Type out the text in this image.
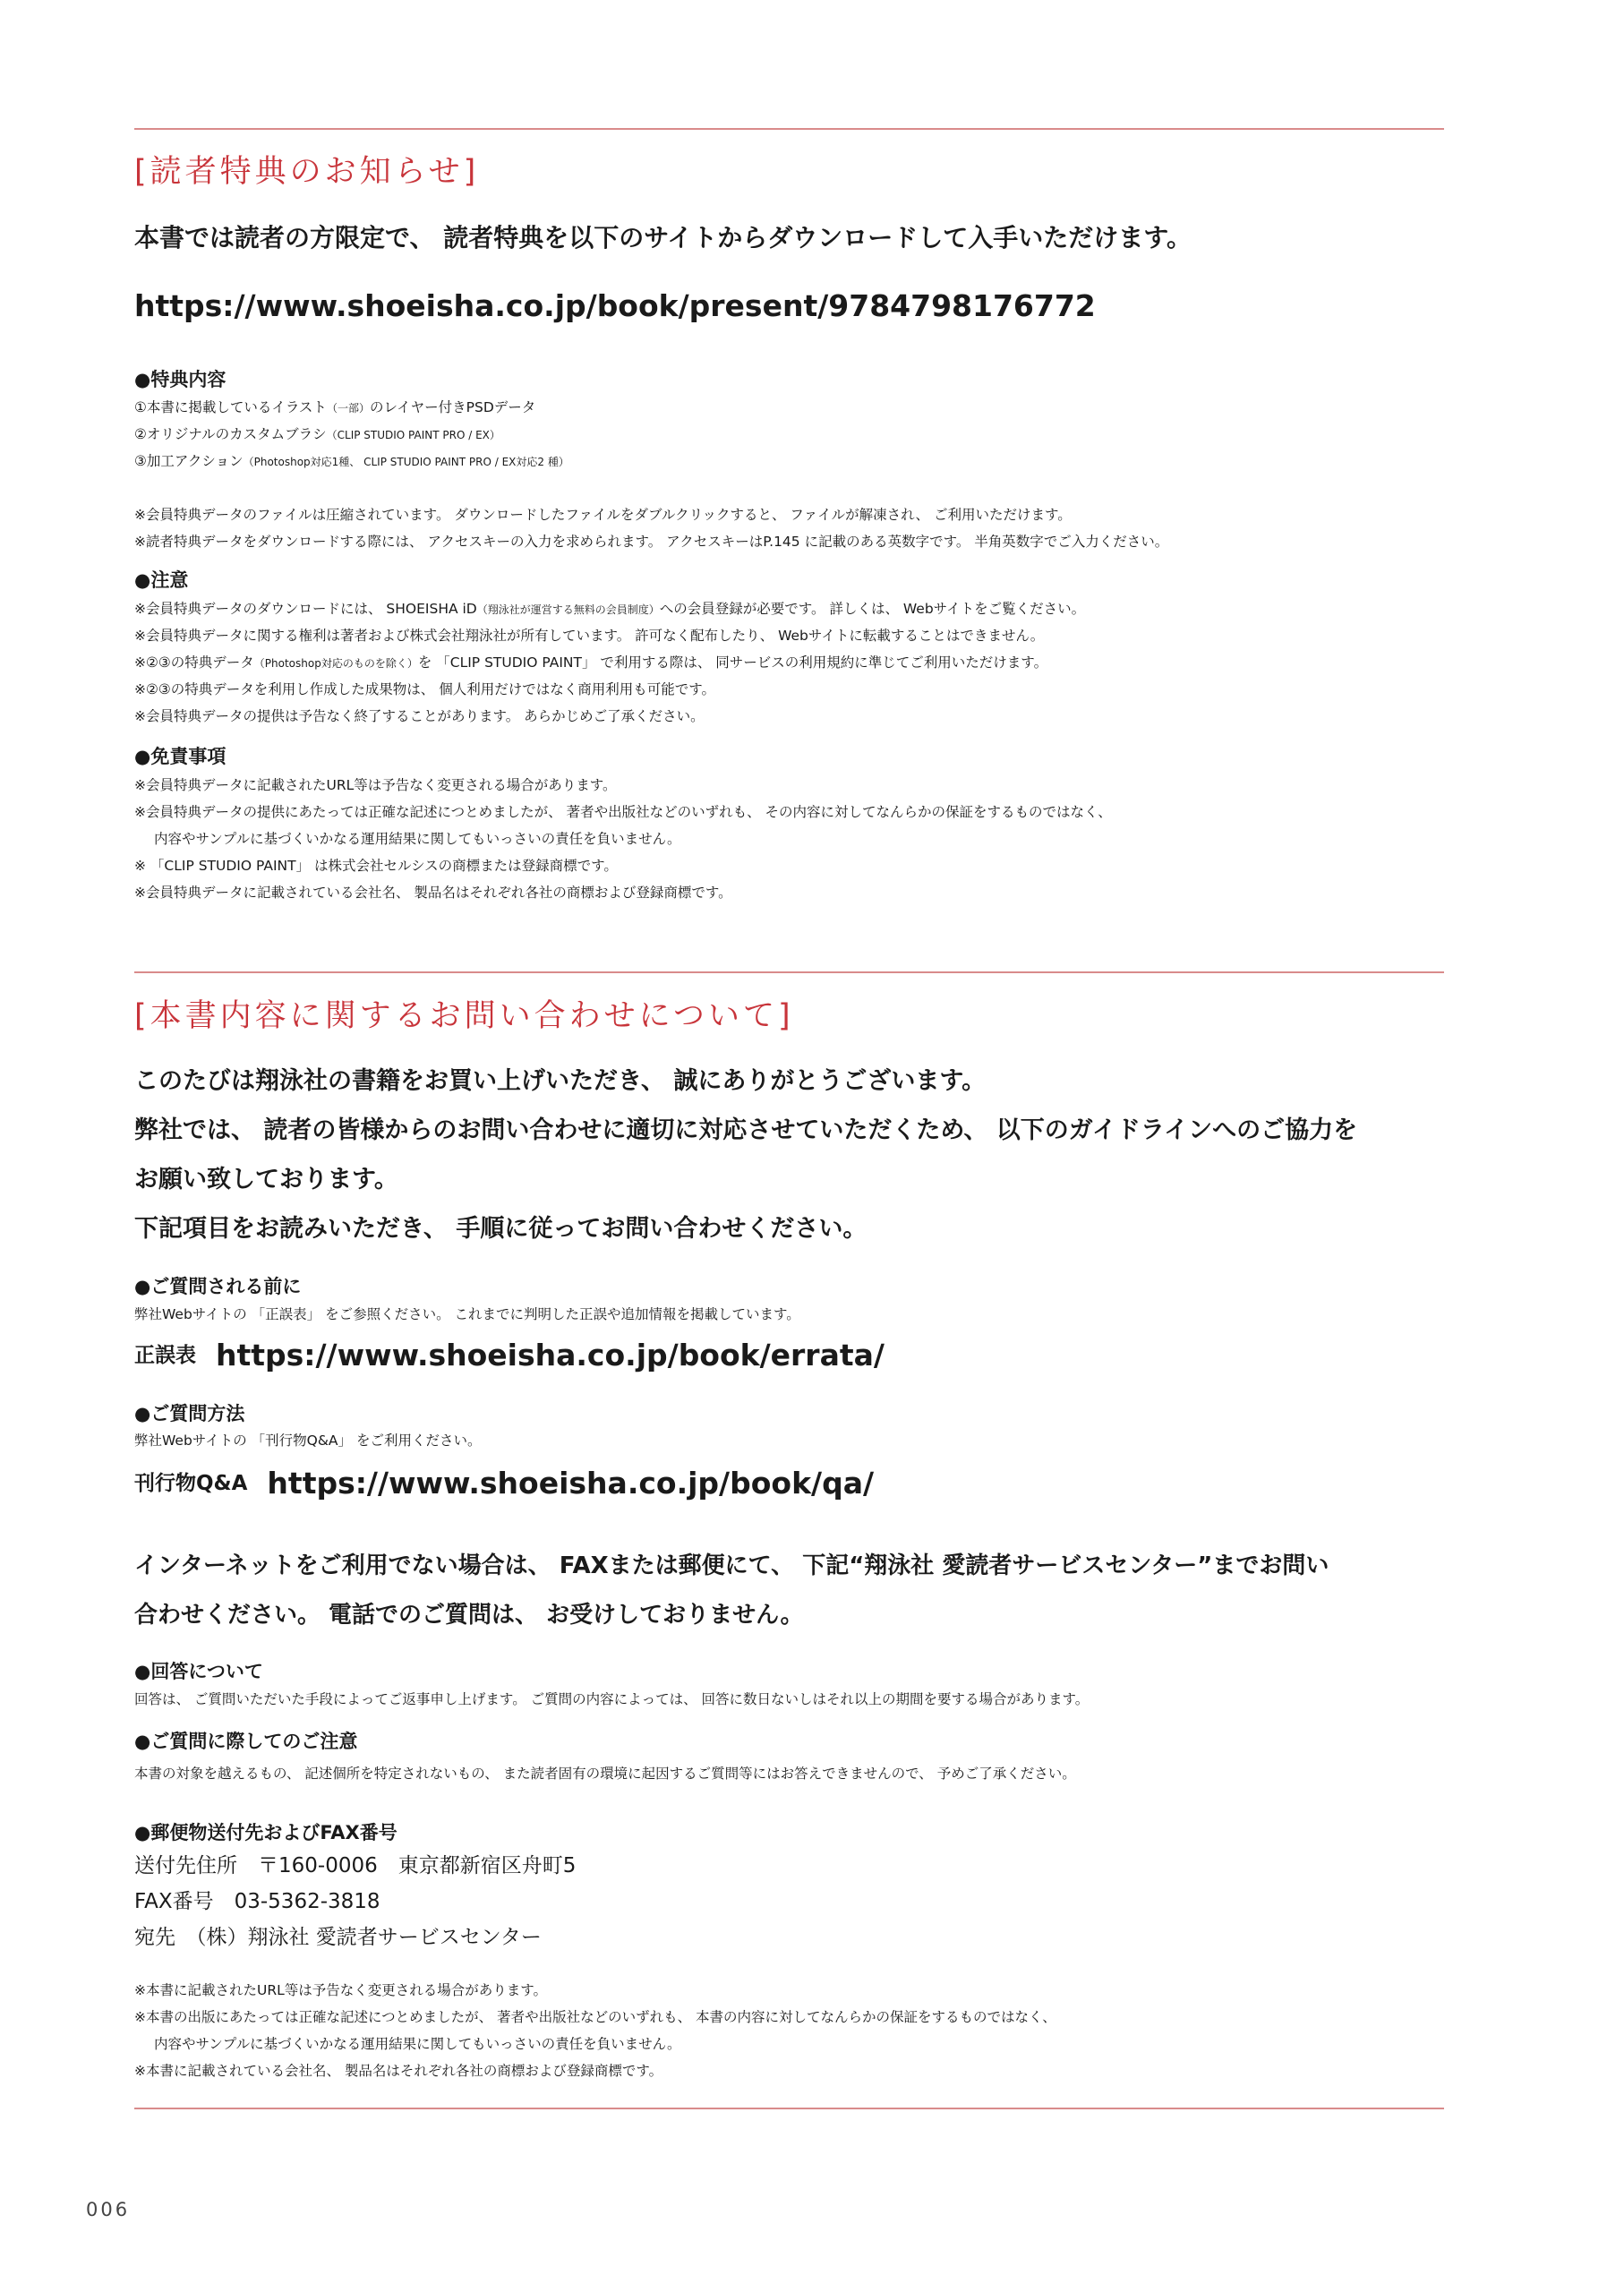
[読者特典のお知らせ]
本書では読者の方限定で、 読者特典を以下のサイトからダウンロードして入手いただけます。
https://www.shoeisha.co.jp/book/present/9784798176772
●特典内容
①本書に掲載しているイラスト（一部）のレイヤー付きPSDデータ
②オリジナルのカスタムブラシ（CLIP STUDIO PAINT PRO / EX）
③加工アクション（Photoshop対応1種、 CLIP STUDIO PAINT PRO / EX対応2 種）
※会員特典データのファイルは圧縮されています。 ダウンロードしたファイルをダブルクリックすると、 ファイルが解凍され、 ご利用いただけます。
※読者特典データをダウンロードする際には、 アクセスキーの入力を求められます。 アクセスキーはP.145 に記載のある英数字です。 半角英数字でご入力ください。
●注意
※会員特典データのダウンロードには、 SHOEISHA iD（翔泳社が運営する無料の会員制度）への会員登録が必要です。 詳しくは、 Webサイトをご覧ください。
※会員特典データに関する権利は著者および株式会社翔泳社が所有しています。 許可なく配布したり、 Webサイトに転載することはできません。
※②③の特典データ（Photoshop対応のものを除く）を 「CLIP STUDIO PAINT」 で利用する際は、 同サービスの利用規約に準じてご利用いただけます。
※②③の特典データを利用し作成した成果物は、 個人利用だけではなく商用利用も可能です。
※会員特典データの提供は予告なく終了することがあります。 あらかじめご了承ください。
●免責事項
※会員特典データに記載されたURL等は予告なく変更される場合があります。
※会員特典データの提供にあたっては正確な記述につとめましたが、 著者や出版社などのいずれも、 その内容に対してなんらかの保証をするものではなく、
内容やサンプルに基づくいかなる運用結果に関してもいっさいの責任を負いません。
※ 「CLIP STUDIO PAINT」 は株式会社セルシスの商標または登録商標です。
※会員特典データに記載されている会社名、 製品名はそれぞれ各社の商標および登録商標です。
[本書内容に関するお問い合わせについて]
このたびは翔泳社の書籍をお買い上げいただき、 誠にありがとうございます。
弊社では、 読者の皆様からのお問い合わせに適切に対応させていただくため、 以下のガイドラインへのご協力を
お願い致しております。
下記項目をお読みいただき、 手順に従ってお問い合わせください。
●ご質問される前に
弊社Webサイトの 「正誤表」 をご参照ください。 これまでに判明した正誤や追加情報を掲載しています。
正誤表 https://www.shoeisha.co.jp/book/errata/
●ご質問方法
弊社Webサイトの 「刊行物Q&A」 をご利用ください。
刊行物Q&A https://www.shoeisha.co.jp/book/qa/
インターネットをご利用でない場合は、 FAXまたは郵便にて、 下記“翔泳社 愛読者サービスセンター”までお問い
合わせください。 電話でのご質問は、 お受けしておりません。
●回答について
回答は、 ご質問いただいた手段によってご返事申し上げます。 ご質問の内容によっては、 回答に数日ないしはそれ以上の期間を要する場合があります。
●ご質問に際してのご注意
本書の対象を越えるもの、 記述個所を特定されないもの、 また読者固有の環境に起因するご質問等にはお答えできませんので、 予めご了承ください。
●郵便物送付先およびFAX番号
送付先住所　〒160-0006　東京都新宿区舟町5
FAX番号　03-5362-3818
宛先　（株）翔泳社 愛読者サービスセンター
※本書に記載されたURL等は予告なく変更される場合があります。
※本書の出版にあたっては正確な記述につとめましたが、 著者や出版社などのいずれも、 本書の内容に対してなんらかの保証をするものではなく、
内容やサンプルに基づくいかなる運用結果に関してもいっさいの責任を負いません。
※本書に記載されている会社名、 製品名はそれぞれ各社の商標および登録商標です。
006
